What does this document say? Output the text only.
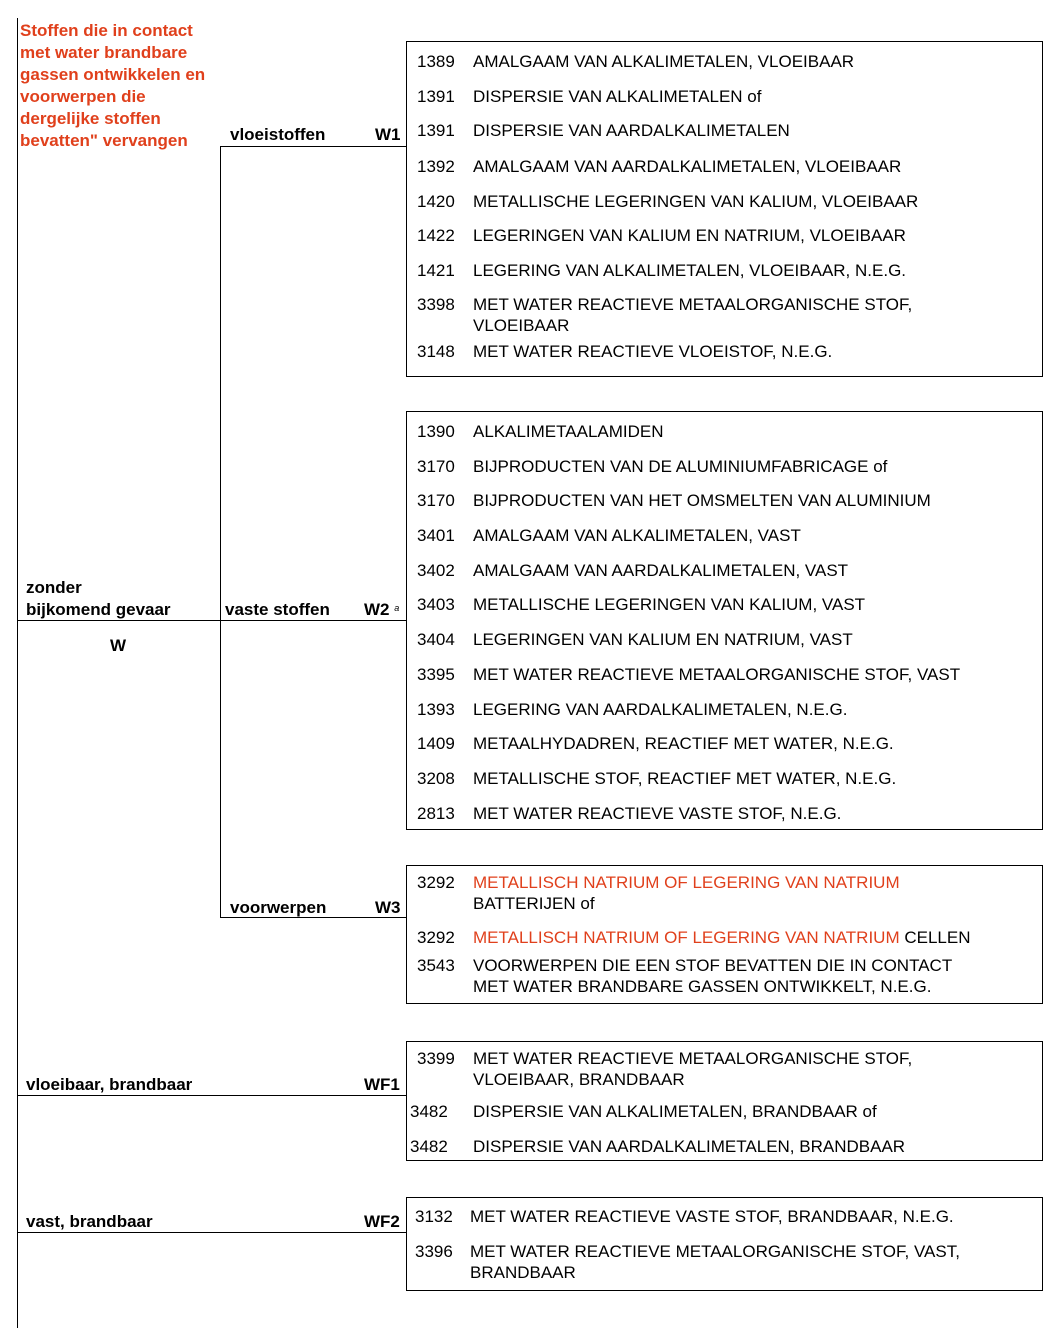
Stoffen die in contact met water brandbare gassen ontwikkelen en voorwerpen die dergelijke stoffen bevatten" vervangen	vloeistoffen	W1
zonder
bijkomend gevaar
W
vaste stoffen W2 $^a$
voorwerpen	W3
vloeibaar, brandbaar	WF1
vast, brandbaar	WF2
1389 AMALGAAM VAN ALKALIMETALEN, VLOEIBAAR
1391 DISPERSIE VAN ALKALIMETALEN of
1391 DISPERSIE VAN AARDALKALIMETALEN
1392 AMALGAAM VAN AARDALKALIMETALEN, VLOEIBAAR
1420 METALLISCHE LEGERINGEN VAN KALIUM, VLOEIBAAR
1422 LEGERINGEN VAN KALIUM EN NATRIUM, VLOEIBAAR
1421 LEGERING VAN ALKALIMETALEN, VLOEIBAAR, N.E.G.
3398 MET WATER REACTIEVE METAALORGANISCHE STOF,
VLOEIBAAR
3148 MET WATER REACTIEVE VLOEISTOF, N.E.G.
1390 ALKALIMETAALAMIDEN
3170 BIJPRODUCTEN VAN DE ALUMINIUMFABRICAGE of
3170 BIJPRODUCTEN VAN HET OMSMELTEN VAN ALUMINIUM
3401 AMALGAAM VAN ALKALIMETALEN, VAST
3402 AMALGAAM VAN AARDALKALIMETALEN, VAST
3403 METALLISCHE LEGERINGEN VAN KALIUM, VAST
3404 LEGERINGEN VAN KALIUM EN NATRIUM, VAST
3395 MET WATER REACTIEVE METAALORGANISCHE STOF, VAST
1393 LEGERING VAN AARDALKALIMETALEN, N.E.G.
1409 METAALHYDADREN, REACTIEF MET WATER, N.E.G.
3208 METALLISCHE STOF, REACTIEF MET WATER, N.E.G.
2813 MET WATER REACTIEVE VASTE STOF, N.E.G.
3292 METALLISCH NATRIUM OF LEGERING VAN NATRIUM
BATTERIJEN of
3292 METALLISCH NATRIUM OF LEGERING VAN NATRIUM CELLEN
3543 VOORWERPEN DIE EEN STOF BEVATTEN DIE IN CONTACT
MET WATER BRANDBARE GASSEN ONTWIKKELT, N.E.G.
3399 MET WATER REACTIEVE METAALORGANISCHE STOF,
VLOEIBAAR, BRANDBAAR
3482 DISPERSIE VAN ALKALIMETALEN, BRANDBAAR of
3482 DISPERSIE VAN AARDALKALIMETALEN, BRANDBAAR
3132 MET WATER REACTIEVE VASTE STOF, BRANDBAAR, N.E.G.
3396 MET WATER REACTIEVE METAALORGANISCHE STOF, VAST,
BRANDBAAR
